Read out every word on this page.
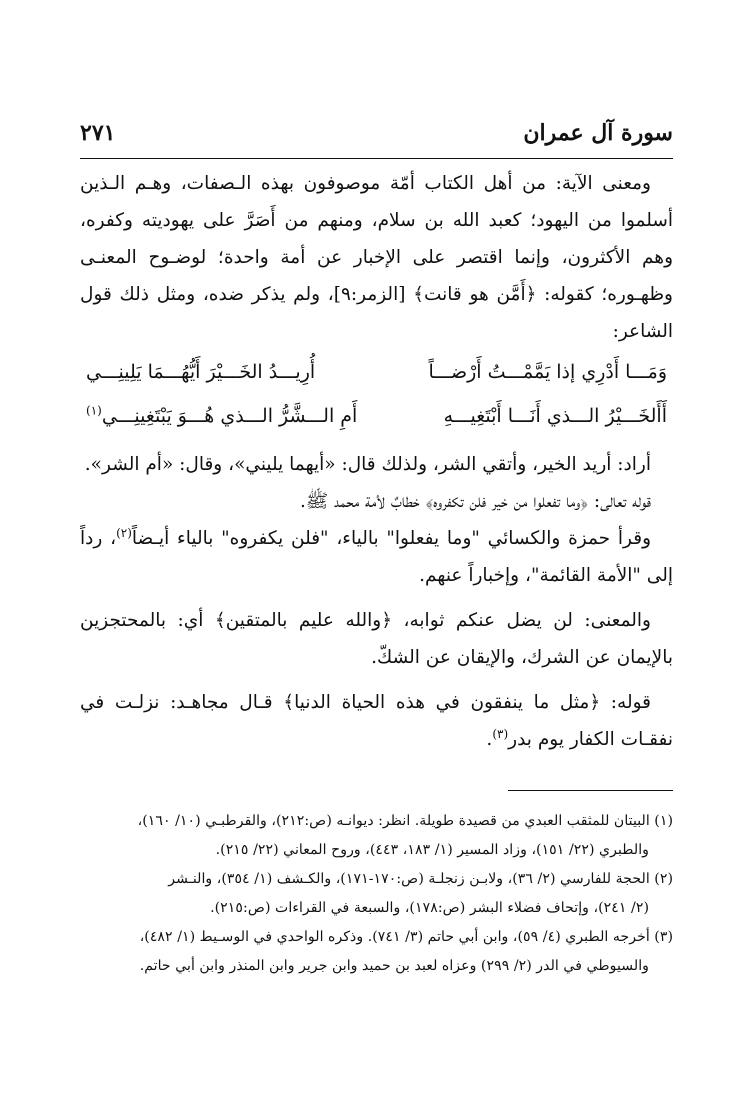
سورة آل عمران
٢٧١

ومعنى الآية: من أهل الكتاب أمّة موصوفون بهذه الـصفات، وهـم الـذين أسلموا من اليهود؛ كعبد الله بن سلام، ومنهم من أَصَرَّ على يهوديته وكفره، وهم الأكثرون، وإنما اقتصر على الإخبار عن أمة واحدة؛ لوضـوح المعنـى وظهـوره؛ كقوله: ﴿أَمَّن هو قانت﴾ [الزمر:٩]، ولم يذكر ضده، ومثل ذلك قول الشاعر:

وَمَـــا أَدْرِي إذا يَمَّمْـــتُ أَرْضـــاً
أُرِيـــدُ الخَـــيْرَ أَيُّهُـــمَا يَلِينِـــي
أَأَلخَـــيْرُ الـــذي أَنَـــا أَبْتَغِيـــهِ
أَمِ الـــشَّرُّ الـــذي هُـــوَ يَبْتَغِينِـــي$^{(١)}$

أراد: أريد الخير، وأتقي الشر، ولذلك قال: «أيهما يليني»، وقال: «أم الشر».

قوله تعالى: ﴿وما تفعلوا من خير فلن تكفروه﴾ خطابٌ لأمة محمد ﷺ.

وقرأ حمزة والكسائي "وما يفعلوا" بالياء، "فلن يكفروه" بالياء أيـضاً$^{(٢)}$، رداً إلى "الأمة القائمة"، وإخباراً عنهم.

والمعنى: لن يضل عنكم ثوابه، ﴿والله عليم بالمتقين﴾ أي: بالمحتجزين بالإيمان عن الشرك، والإيقان عن الشكّ.

قوله: ﴿مثل ما ينفقون في هذه الحياة الدنيا﴾ قـال مجاهـد: نزلـت في نفقـات الكفار يوم بدر$^{(٣)}$.

(١) البيتان للمثقب العبدي من قصيدة طويلة. انظر: ديوانـه (ص:٢١٢)، والقرطبـي (١٠/ ١٦٠)،
والطبري (٢٢/ ١٥١)، وزاد المسير (١/ ١٨٣، ٤٤٣)، وروح المعاني (٢٢/ ٢١٥).
(٢) الحجة للفارسي (٢/ ٣٦)، ولابـن زنجلـة (ص:١٧٠-١٧١)، والكـشف (١/ ٣٥٤)، والنـشر
(٢/ ٢٤١)، وإتحاف فضلاء البشر (ص:١٧٨)، والسبعة في القراءات (ص:٢١٥).
(٣) أخرجه الطبري (٤/ ٥٩)، وابن أبي حاتم (٣/ ٧٤١). وذكره الواحدي في الوسـيط (١/ ٤٨٢)،
والسيوطي في الدر (٢/ ٢٩٩) وعزاه لعبد بن حميد وابن جرير وابن المنذر وابن أبي حاتم.
